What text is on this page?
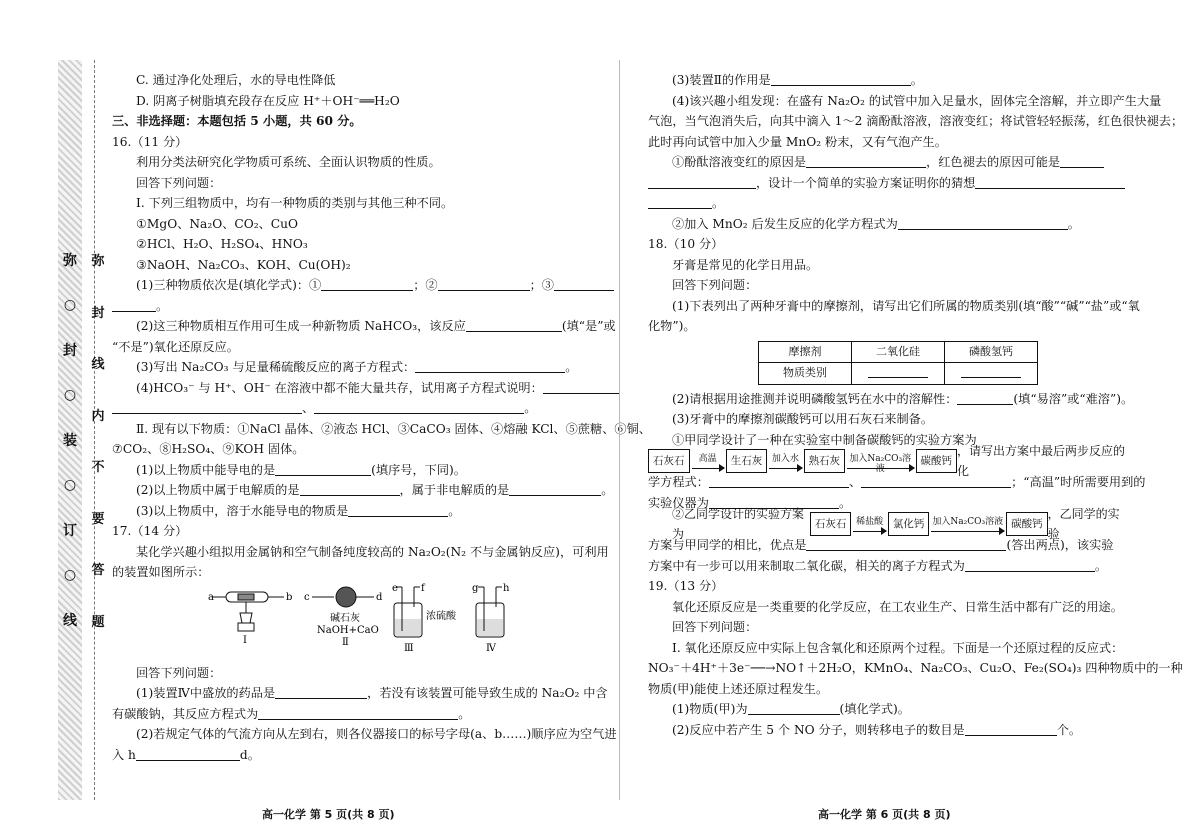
弥
○
封
○
装
○
订
○
线
弥
封
线
内
不
要
答
题
C. 通过净化处理后，水的导电性降低
D. 阴离子树脂填充段存在反应 H⁺＋OH⁻══H₂O
三、非选择题：本题包括 5 小题，共 60 分。
16.（11 分）
利用分类法研究化学物质可系统、全面认识物质的性质。
回答下列问题：
Ⅰ. 下列三组物质中，均有一种物质的类别与其他三种不同。
①MgO、Na₂O、CO₂、CuO
②HCl、H₂O、H₂SO₄、HNO₃
③NaOH、Na₂CO₃、KOH、Cu(OH)₂
(1)三种物质依次是(填化学式)：①	；②	；③
。
(2)这三种物质相互作用可生成一种新物质 NaHCO₃，该反应	(填“是”或
“不是”)氧化还原反应。
(3)写出 Na₂CO₃ 与足量稀硫酸反应的离子方程式：	。
(4)HCO₃⁻ 与 H⁺、OH⁻ 在溶液中都不能大量共存，试用离子方程式说明：
、	。
Ⅱ. 现有以下物质：①NaCl 晶体、②液态 HCl、③CaCO₃ 固体、④熔融 KCl、⑤蔗糖、⑥铜、
⑦CO₂、⑧H₂SO₄、⑨KOH 固体。
(1)以上物质中能导电的是	(填序号，下同)。
(2)以上物质中属于电解质的是	，属于非电解质的是	。
(3)以上物质中，溶于水能导电的物质是	。
17.（14 分）
某化学兴趣小组拟用金属钠和空气制备纯度较高的 Na₂O₂(N₂ 不与金属钠反应)，可利用
的装置如图所示：
a	b
Ⅰ
c	d
碱石灰
NaOH+CaO
Ⅱ
e f
浓硫酸
Ⅲ
g h
Ⅳ
回答下列问题：
(1)装置Ⅳ中盛放的药品是	，若没有该装置可能导致生成的 Na₂O₂ 中含
有碳酸钠，其反应方程式为	。
(2)若规定气体的气流方向从左到右，则各仪器接口的标号字母(a、b……)顺序应为空气进
入 h	d。
(3)装置Ⅱ的作用是	。
(4)该兴趣小组发现：在盛有 Na₂O₂ 的试管中加入足量水，固体完全溶解，并立即产生大量
气泡，当气泡消失后，向其中滴入 1～2 滴酚酞溶液，溶液变红；将试管轻轻振荡，红色很快褪去；
此时再向试管中加入少量 MnO₂ 粉末，又有气泡产生。
①酚酞溶液变红的原因是	，红色褪去的原因可能是
，设计一个简单的实验方案证明你的猜想
。
②加入 MnO₂ 后发生反应的化学方程式为	。
18.（10 分）
牙膏是常见的化学日用品。
回答下列问题：
(1)下表列出了两种牙膏中的摩擦剂，请写出它们所属的物质类别(填“酸”“碱”“盐”或“氧
化物”)。
摩擦剂	二氧化硅	磷酸氢钙
物质类别		
(2)请根据用途推测并说明磷酸氢钙在水中的溶解性：	(填“易溶”或“难溶”)。
(3)牙膏中的摩擦剂碳酸钙可以用石灰石来制备。
①甲同学设计了一种在实验室中制备碳酸钙的实验方案为
石灰石	高温	生石灰	加入水 熟石灰	加入Na₂CO₃溶液
碳酸钙
，请写出方案中最后两步反应的化
学方程式：	、	；“高温”时所需要用到的
实验仪器为	。
②乙同学设计的实验方案为
石灰石	稀盐酸 氯化钙 加入Na₂CO₃溶液 碳酸钙
，乙同学的实验
方案与甲同学的相比，优点是	(答出两点)，该实验
方案中有一步可以用来制取二氧化碳，相关的离子方程式为	。
19.（13 分）
氧化还原反应是一类重要的化学反应，在工农业生产、日常生活中都有广泛的用途。
回答下列问题：
Ⅰ. 氧化还原反应中实际上包含氧化和还原两个过程。下面是一个还原过程的反应式：
NO₃⁻＋4H⁺＋3e⁻──→NO↑＋2H₂O，KMnO₄、Na₂CO₃、Cu₂O、Fe₂(SO₄)₃ 四种物质中的一种
物质(甲)能使上述还原过程发生。
(1)物质(甲)为	(填化学式)。
(2)反应中若产生 5 个 NO 分子，则转移电子的数目是	个。
高一化学 第 5 页(共 8 页)	高一化学 第 6 页(共 8 页)
